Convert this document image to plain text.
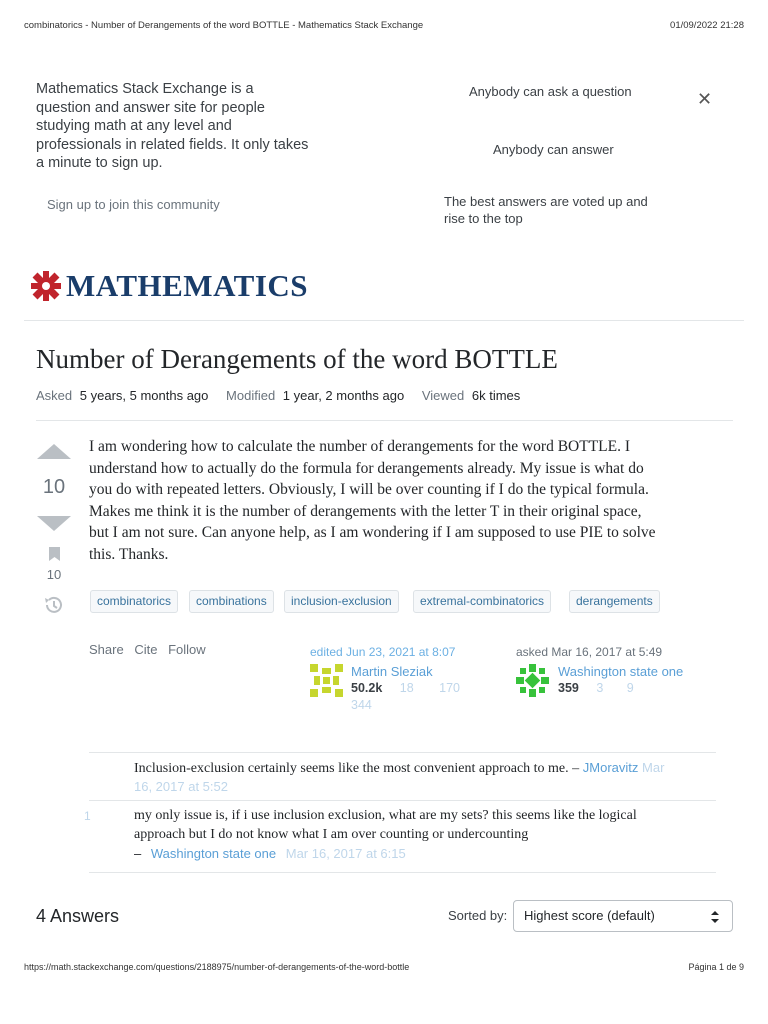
combinatorics - Number of Derangements of the word BOTTLE - Mathematics Stack Exchange	01/09/2022 21:28
Mathematics Stack Exchange is a question and answer site for people studying math at any level and professionals in related fields. It only takes a minute to sign up.
Sign up to join this community
Anybody can ask a question
Anybody can answer
The best answers are voted up and rise to the top
✕
MATHEMATICS
Number of Derangements of the word BOTTLE
Asked 5 years, 5 months ago Modified 1 year, 2 months ago Viewed 6k times
10
10
I am wondering how to calculate the number of derangements for the word BOTTLE. I
understand how to actually do the formula for derangements already. My issue is what do
you do with repeated letters. Obviously, I will be over counting if I do the typical formula.
Makes me think it is the number of derangements with the letter T in their original space,
but I am not sure. Can anyone help, as I am wondering if I am supposed to use PIE to solve
this. Thanks.
combinatorics	combinations	inclusion-exclusion	extremal-combinatorics	derangements
Share Cite Follow	edited Jun 23, 2021 at 8:07
Martin Sleziak
50.2k 18 170
344
asked Mar 16, 2017 at 5:49
Washington state one
359 3 9
Inclusion-exclusion certainly seems like the most convenient approach to me. – JMoravitz Mar
16, 2017 at 5:52
1	my only issue is, if i use inclusion exclusion, what are my sets? this seems like the logical
approach but I do not know what I am over counting or undercounting
– Washington state one Mar 16, 2017 at 6:15
4 Answers	Sorted by: Highest score (default)
https://math.stackexchange.com/questions/2188975/number-of-derangements-of-the-word-bottle	Página 1 de 9
